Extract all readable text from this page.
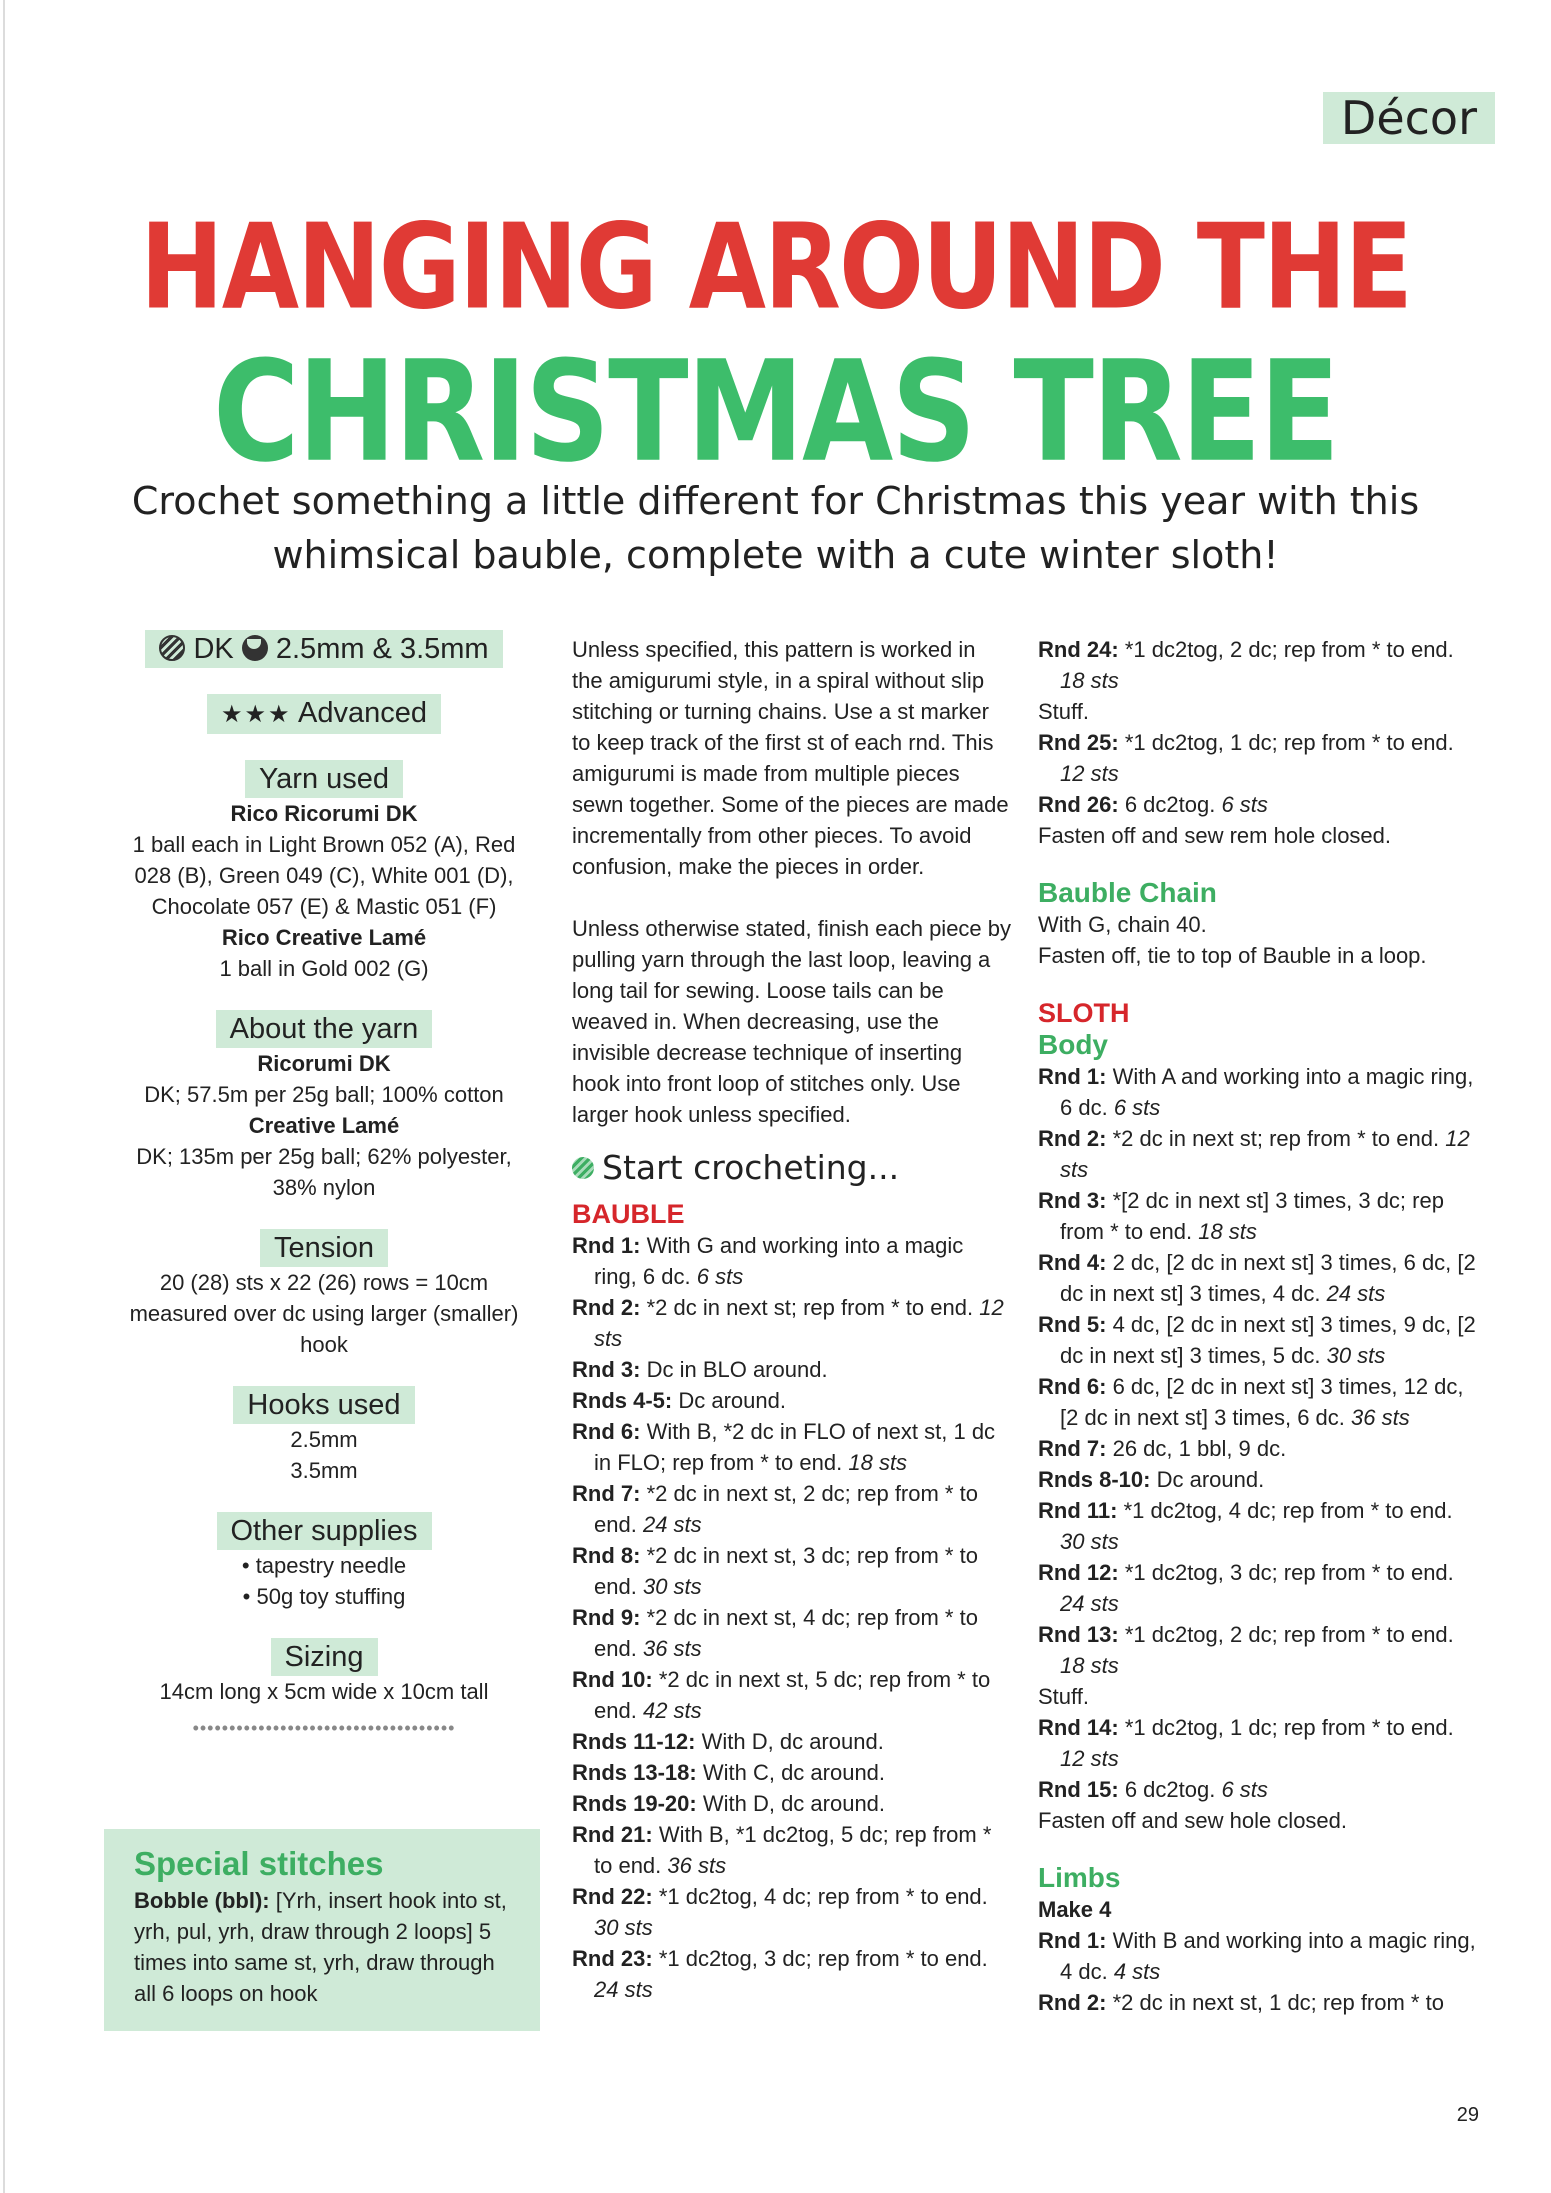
Décor
HANGING AROUND THE
CHRISTMAS TREE
Crochet something a little different for Christmas this year with this whimsical bauble, complete with a cute winter sloth!
DK 2.5mm & 3.5mm
★★★ Advanced
Yarn used

Rico Ricorumi DK

1 ball each in Light Brown 052 (A), Red 028 (B), Green 049 (C), White 001 (D), Chocolate 057 (E) & Mastic 051 (F)

Rico Creative Lamé

1 ball in Gold 002 (G)

About the yarn

Ricorumi DK

DK; 57.5m per 25g ball; 100% cotton

Creative Lamé

DK; 135m per 25g ball; 62% polyester, 38% nylon

Tension

20 (28) sts x 22 (26) rows = 10cm measured over dc using larger (smaller) hook

Hooks used

2.5mm

3.5mm

Other supplies
• tapestry needle
• 50g toy stuffing
Sizing

14cm long x 5cm wide x 10cm tall

••••••••••••••••••••••••••••••••••••
Special stitches

Bobble (bbl): [Yrh, insert hook into st, yrh, pul, yrh, draw through 2 loops] 5 times into same st, yrh, draw through all 6 loops on hook

Unless specified, this pattern is worked in the amigurumi style, in a spiral without slip stitching or turning chains. Use a st marker to keep track of the first st of each rnd. This amigurumi is made from multiple pieces sewn together. Some of the pieces are made incrementally from other pieces. To avoid confusion, make the pieces in order.

Unless otherwise stated, finish each piece by pulling yarn through the last loop, leaving a long tail for sewing. Loose tails can be weaved in. When decreasing, use the invisible decrease technique of inserting hook into front loop of stitches only. Use larger hook unless specified.

Start crocheting...
BAUBLE

Rnd 1: With G and working into a magic ring, 6 dc. 6 sts

Rnd 2: *2 dc in next st; rep from * to end. 12 sts

Rnd 3: Dc in BLO around.

Rnds 4-5: Dc around.

Rnd 6: With B, *2 dc in FLO of next st, 1 dc in FLO; rep from * to end. 18 sts

Rnd 7: *2 dc in next st, 2 dc; rep from * to end. 24 sts

Rnd 8: *2 dc in next st, 3 dc; rep from * to end. 30 sts

Rnd 9: *2 dc in next st, 4 dc; rep from * to end. 36 sts

Rnd 10: *2 dc in next st, 5 dc; rep from * to end. 42 sts

Rnds 11-12: With D, dc around.

Rnds 13-18: With C, dc around.

Rnds 19-20: With D, dc around.

Rnd 21: With B, *1 dc2tog, 5 dc; rep from * to end. 36 sts

Rnd 22: *1 dc2tog, 4 dc; rep from * to end. 30 sts

Rnd 23: *1 dc2tog, 3 dc; rep from * to end. 24 sts

Rnd 24: *1 dc2tog, 2 dc; rep from * to end. 18 sts

Stuff.

Rnd 25: *1 dc2tog, 1 dc; rep from * to end. 12 sts

Rnd 26: 6 dc2tog. 6 sts

Fasten off and sew rem hole closed.

Bauble Chain

With G, chain 40.

Fasten off, tie to top of Bauble in a loop.

SLOTH
Body

Rnd 1: With A and working into a magic ring, 6 dc. 6 sts

Rnd 2: *2 dc in next st; rep from * to end. 12 sts

Rnd 3: *[2 dc in next st] 3 times, 3 dc; rep from * to end. 18 sts

Rnd 4: 2 dc, [2 dc in next st] 3 times, 6 dc, [2 dc in next st] 3 times, 4 dc. 24 sts

Rnd 5: 4 dc, [2 dc in next st] 3 times, 9 dc, [2 dc in next st] 3 times, 5 dc. 30 sts

Rnd 6: 6 dc, [2 dc in next st] 3 times, 12 dc, [2 dc in next st] 3 times, 6 dc. 36 sts

Rnd 7: 26 dc, 1 bbl, 9 dc.

Rnds 8-10: Dc around.

Rnd 11: *1 dc2tog, 4 dc; rep from * to end. 30 sts

Rnd 12: *1 dc2tog, 3 dc; rep from * to end. 24 sts

Rnd 13: *1 dc2tog, 2 dc; rep from * to end. 18 sts

Stuff.

Rnd 14: *1 dc2tog, 1 dc; rep from * to end. 12 sts

Rnd 15: 6 dc2tog. 6 sts

Fasten off and sew hole closed.

Limbs

Make 4

Rnd 1: With B and working into a magic ring, 4 dc. 4 sts

Rnd 2: *2 dc in next st, 1 dc; rep from * to

29
